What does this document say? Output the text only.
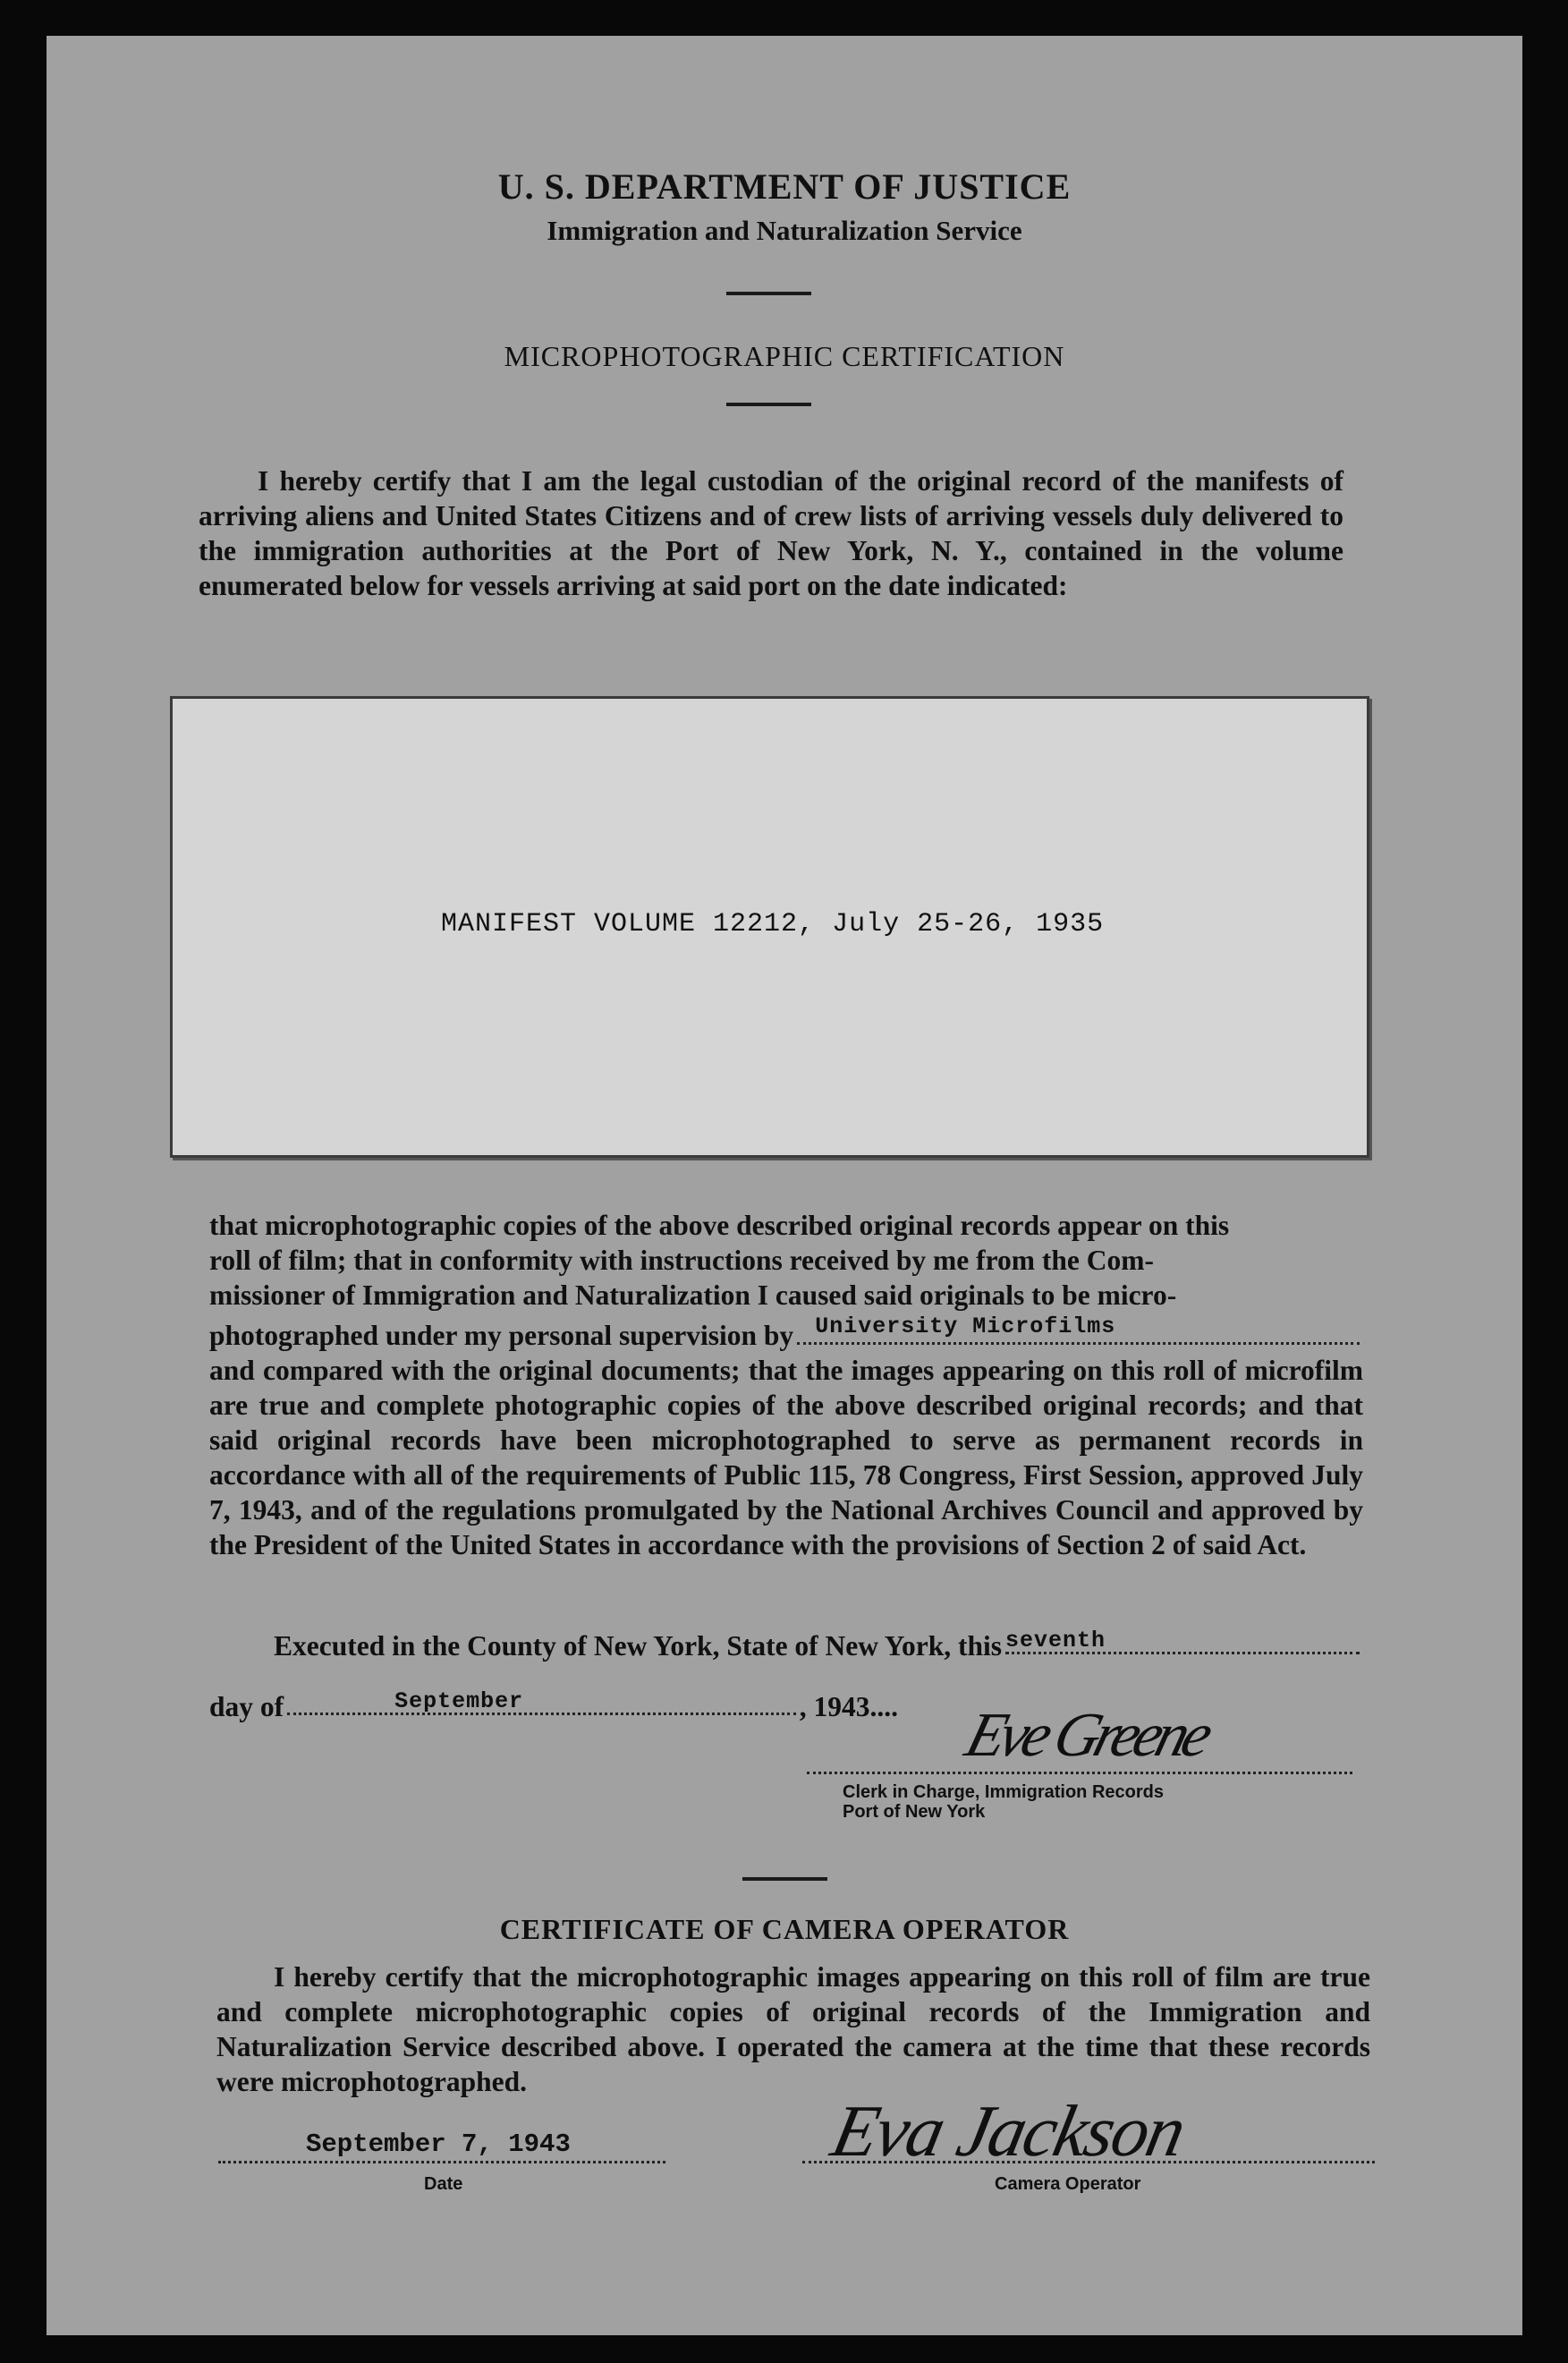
U. S. DEPARTMENT OF JUSTICE
Immigration and Naturalization Service
MICROPHOTOGRAPHIC CERTIFICATION
I hereby certify that I am the legal custodian of the original record of the manifests of arriving aliens and United States Citizens and of crew lists of arriving vessels duly delivered to the immigration authorities at the Port of New York, N. Y., contained in the volume enumerated below for vessels arriving at said port on the date indicated:
MANIFEST VOLUME 12212, July 25-26, 1935
that microphotographic copies of the above described original records appear on this
roll of film; that in conformity with instructions received by me from the Com-
missioner of Immigration and Naturalization I caused said originals to be micro-
photographed under my personal supervision by University Microfilms
and compared with the original documents; that the images appearing on this roll of microfilm are true and complete photographic copies of the above described original records; and that said original records have been microphotographed to serve as permanent records in accordance with all of the requirements of Public 115, 78 Congress, First Session, approved July 7, 1943, and of the regulations promulgated by the National Archives Council and approved by the President of the United States in accordance with the provisions of Section 2 of said Act.
Executed in the County of New York, State of New York, this seventh
day of	September	, 1943.... Eve Greene
Clerk in Charge, Immigration Records
Port of New York
CERTIFICATE OF CAMERA OPERATOR
I hereby certify that the microphotographic images appearing on this roll of film are true and complete microphotographic copies of original records of the Immigration and Naturalization Service described above. I operated the camera at the time that these records were microphotographed.
September 7, 1943
Date
Eva Jackson
Camera Operator
